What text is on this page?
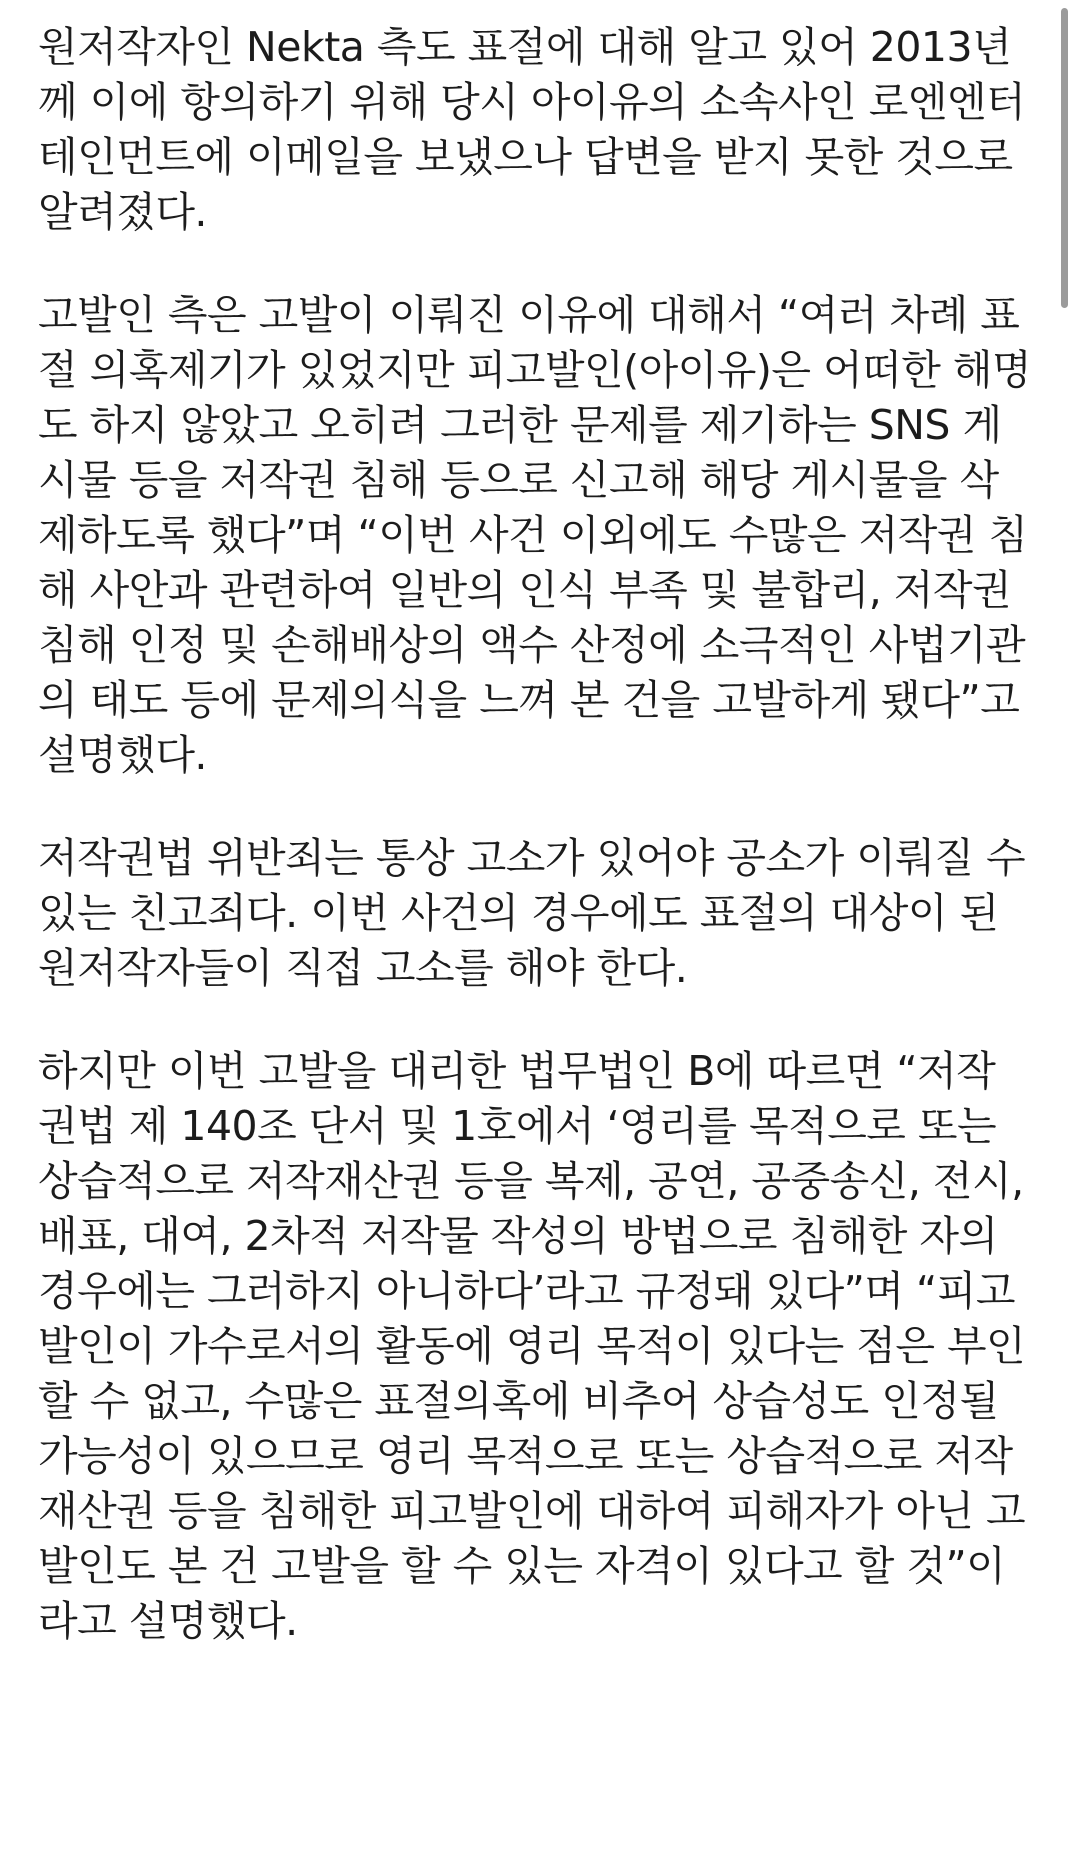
원저작자인 Nekta 측도 표절에 대해 알고 있어 2013년
께 이에 항의하기 위해 당시 아이유의 소속사인 로엔엔터
테인먼트에 이메일을 보냈으나 답변을 받지 못한 것으로
알려졌다.

고발인 측은 고발이 이뤄진 이유에 대해서 “여러 차례 표
절 의혹제기가 있었지만 피고발인(아이유)은 어떠한 해명
도 하지 않았고 오히려 그러한 문제를 제기하는 SNS 게
시물 등을 저작권 침해 등으로 신고해 해당 게시물을 삭
제하도록 했다”며 “이번 사건 이외에도 수많은 저작권 침
해 사안과 관련하여 일반의 인식 부족 및 불합리, 저작권
침해 인정 및 손해배상의 액수 산정에 소극적인 사법기관
의 태도 등에 문제의식을 느껴 본 건을 고발하게 됐다”고
설명했다.

저작권법 위반죄는 통상 고소가 있어야 공소가 이뤄질 수
있는 친고죄다. 이번 사건의 경우에도 표절의 대상이 된
원저작자들이 직접 고소를 해야 한다.

하지만 이번 고발을 대리한 법무법인 B에 따르면 “저작
권법 제 140조 단서 및 1호에서 ‘영리를 목적으로 또는
상습적으로 저작재산권 등을 복제, 공연, 공중송신, 전시,
배표, 대여, 2차적 저작물 작성의 방법으로 침해한 자의
경우에는 그러하지 아니하다’라고 규정돼 있다”며 “피고
발인이 가수로서의 활동에 영리 목적이 있다는 점은 부인
할 수 없고, 수많은 표절의혹에 비추어 상습성도 인정될
가능성이 있으므로 영리 목적으로 또는 상습적으로 저작
재산권 등을 침해한 피고발인에 대하여 피해자가 아닌 고
발인도 본 건 고발을 할 수 있는 자격이 있다고 할 것”이
라고 설명했다.
